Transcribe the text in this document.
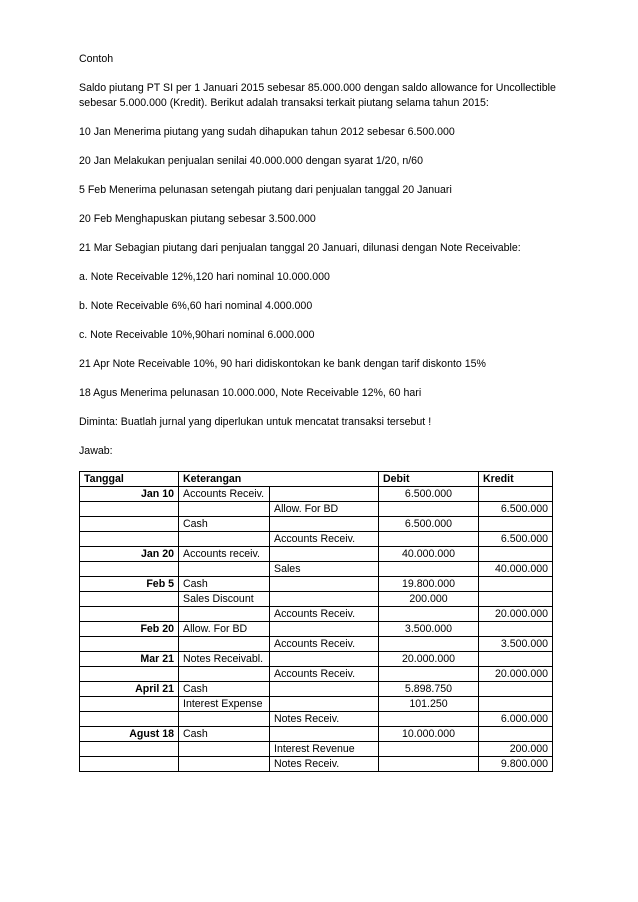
Contoh

Saldo piutang PT SI per 1 Januari 2015 sebesar 85.000.000 dengan saldo allowance for Uncollectible sebesar 5.000.000 (Kredit). Berikut adalah transaksi terkait piutang selama tahun 2015:

10 Jan Menerima piutang yang sudah dihapukan tahun 2012 sebesar 6.500.000

20 Jan Melakukan penjualan senilai 40.000.000 dengan syarat 1/20, n/60

5 Feb Menerima pelunasan setengah piutang dari penjualan tanggal 20 Januari

20 Feb Menghapuskan piutang sebesar 3.500.000

21 Mar Sebagian piutang dari penjualan tanggal 20 Januari, dilunasi dengan Note Receivable:

a. Note Receivable 12%,120 hari nominal 10.000.000

b. Note Receivable 6%,60 hari nominal 4.000.000

c. Note Receivable 10%,90hari nominal 6.000.000

21 Apr Note Receivable 10%, 90 hari didiskontokan ke bank dengan tarif diskonto 15%

18 Agus Menerima pelunasan 10.000.000, Note Receivable 12%, 60 hari

Diminta: Buatlah jurnal yang diperlukan untuk mencatat transaksi tersebut !

Jawab:

Tanggal	Keterangan		Debit	Kredit
Jan 10	Accounts Receiv.		6.500.000	
		Allow. For BD		6.500.000
	Cash		6.500.000	
		Accounts Receiv.		6.500.000
Jan 20	Accounts receiv.		40.000.000	
		Sales		40.000.000
Feb 5	Cash		19.800.000	
	Sales Discount		200.000	
		Accounts Receiv.		20.000.000
Feb 20	Allow. For BD		3.500.000	
		Accounts Receiv.		3.500.000
Mar 21	Notes Receivabl.		20.000.000	
		Accounts Receiv.		20.000.000
April 21	Cash		5.898.750	
	Interest Expense		101.250	
		Notes Receiv.		6.000.000
Agust 18	Cash		10.000.000	
		Interest Revenue		200.000
		Notes Receiv.		9.800.000
